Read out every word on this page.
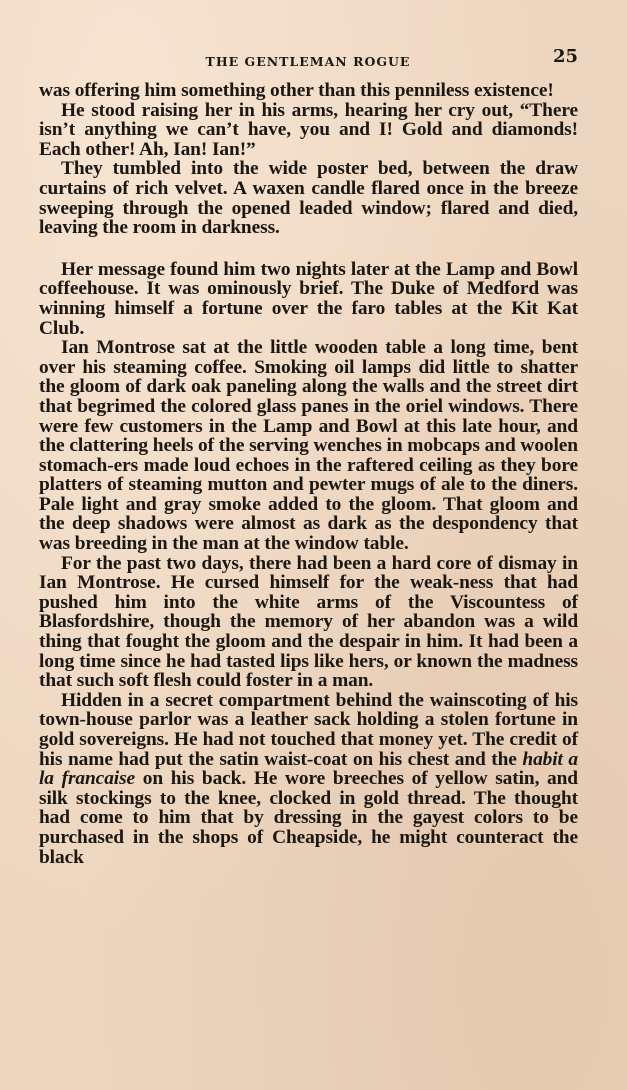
THE GENTLEMAN ROGUE	25

was offering him something other than this penniless existence!

He stood raising her in his arms, hearing her cry out, “There isn’t anything we can’t have, you and I! Gold and diamonds! Each other! Ah, Ian! Ian!”

They tumbled into the wide poster bed, between the draw curtains of rich velvet. A waxen candle flared once in the breeze sweeping through the opened leaded window; flared and died, leaving the room in darkness.

Her message found him two nights later at the Lamp and Bowl coffeehouse. It was ominously brief. The Duke of Medford was winning himself a fortune over the faro tables at the Kit Kat Club.

Ian Montrose sat at the little wooden table a long time, bent over his steaming coffee. Smoking oil lamps did little to shatter the gloom of dark oak paneling along the walls and the street dirt that begrimed the colored glass panes in the oriel windows. There were few customers in the Lamp and Bowl at this late hour, and the clattering heels of the serving wenches in mobcaps and woolen stomach-ers made loud echoes in the raftered ceiling as they bore platters of steaming mutton and pewter mugs of ale to the diners. Pale light and gray smoke added to the gloom. That gloom and the deep shadows were almost as dark as the despondency that was breeding in the man at the window table.

For the past two days, there had been a hard core of dismay in Ian Montrose. He cursed himself for the weak-ness that had pushed him into the white arms of the Viscountess of Blasfordshire, though the memory of her abandon was a wild thing that fought the gloom and the despair in him. It had been a long time since he had tasted lips like hers, or known the madness that such soft flesh could foster in a man.

Hidden in a secret compartment behind the wainscoting of his town-house parlor was a leather sack holding a stolen fortune in gold sovereigns. He had not touched that money yet. The credit of his name had put the satin waist-coat on his chest and the habit a la francaise on his back. He wore breeches of yellow satin, and silk stockings to the knee, clocked in gold thread. The thought had come to him that by dressing in the gayest colors to be purchased in the shops of Cheapside, he might counteract the black
